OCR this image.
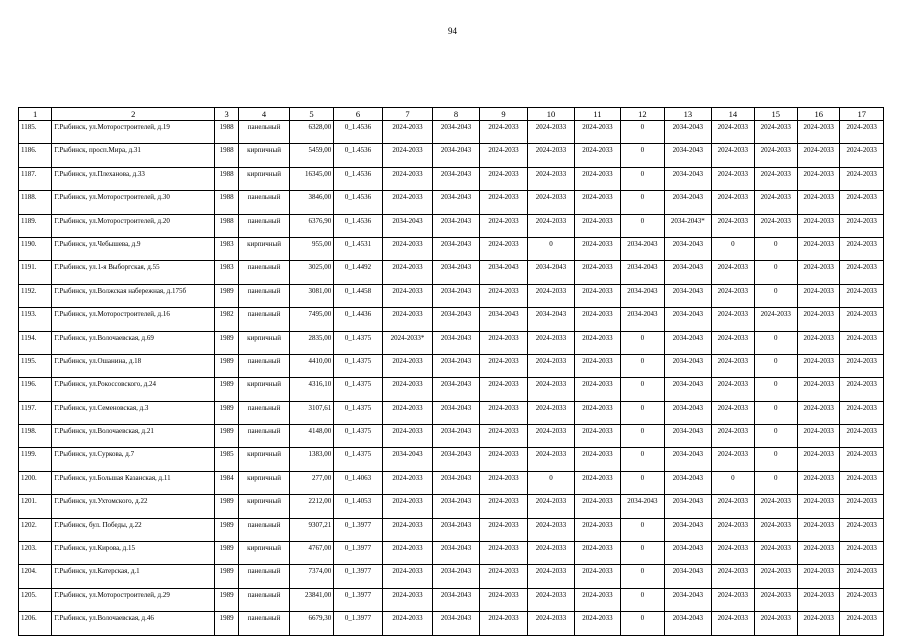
94
1	2	3	4	5	6	7	8	9	10	11	12	13	14	15	16	17
1185.	Г.Рыбинск, ул.Моторостроителей, д.19	1988	панельный	6328,00	0_1.4536	2024-2033	2034-2043	2024-2033	2024-2033	2024-2033	0	2034-2043	2024-2033	2024-2033	2024-2033	2024-2033
1186.	Г.Рыбинск, просп.Мира, д.31	1988	кирпичный	5459,00	0_1.4536	2024-2033	2034-2043	2024-2033	2024-2033	2024-2033	0	2034-2043	2024-2033	2024-2033	2024-2033	2024-2033
1187.	Г.Рыбинск, ул.Плеханова, д.33	1988	кирпичный	16345,00	0_1.4536	2024-2033	2034-2043	2024-2033	2024-2033	2024-2033	0	2034-2043	2024-2033	2024-2033	2024-2033	2024-2033
1188.	Г.Рыбинск, ул.Моторостроителей, д.30	1988	панельный	3846,00	0_1.4536	2024-2033	2034-2043	2024-2033	2024-2033	2024-2033	0	2034-2043	2024-2033	2024-2033	2024-2033	2024-2033
1189.	Г.Рыбинск, ул.Моторостроителей, д.20	1988	панельный	6376,90	0_1.4536	2034-2043	2034-2043	2024-2033	2024-2033	2024-2033	0	2034-2043*	2024-2033	2024-2033	2024-2033	2024-2033
1190.	Г.Рыбинск, ул.Чебышева, д.9	1983	кирпичный	955,00	0_1.4531	2024-2033	2034-2043	2024-2033	0	2024-2033	2034-2043	2034-2043	0	0	2024-2033	2024-2033
1191.	Г.Рыбинск, ул.1-я Выборгская, д.55	1983	панельный	3025,00	0_1.4492	2024-2033	2034-2043	2034-2043	2034-2043	2024-2033	2034-2043	2034-2043	2024-2033	0	2024-2033	2024-2033
1192.	Г.Рыбинск, ул.Волжская набережная, д.175б	1989	панельный	3081,00	0_1.4458	2024-2033	2034-2043	2024-2033	2024-2033	2024-2033	2034-2043	2034-2043	2024-2033	0	2024-2033	2024-2033
1193.	Г.Рыбинск, ул.Моторостроителей, д.16	1982	панельный	7495,00	0_1.4436	2024-2033	2034-2043	2034-2043	2034-2043	2024-2033	2034-2043	2034-2043	2024-2033	2024-2033	2024-2033	2024-2033
1194.	Г.Рыбинск, ул.Волочаевская, д.69	1989	кирпичный	2835,00	0_1.4375	2024-2033*	2034-2043	2024-2033	2024-2033	2024-2033	0	2034-2043	2024-2033	0	2024-2033	2024-2033
1195.	Г.Рыбинск, ул.Ошанина, д.18	1989	панельный	4410,00	0_1.4375	2024-2033	2034-2043	2024-2033	2024-2033	2024-2033	0	2034-2043	2024-2033	0	2024-2033	2024-2033
1196.	Г.Рыбинск, ул.Рокоссовского, д.24	1989	кирпичный	4316,10	0_1.4375	2024-2033	2034-2043	2024-2033	2024-2033	2024-2033	0	2034-2043	2024-2033	0	2024-2033	2024-2033
1197.	Г.Рыбинск, ул.Семеновская, д.3	1989	панельный	3107,61	0_1.4375	2024-2033	2034-2043	2024-2033	2024-2033	2024-2033	0	2034-2043	2024-2033	0	2024-2033	2024-2033
1198.	Г.Рыбинск, ул.Волочаевская, д.21	1989	панельный	4148,00	0_1.4375	2024-2033	2034-2043	2024-2033	2024-2033	2024-2033	0	2034-2043	2024-2033	0	2024-2033	2024-2033
1199.	Г.Рыбинск, ул.Суркова, д.7	1985	кирпичный	1383,00	0_1.4375	2034-2043	2034-2043	2024-2033	2024-2033	2024-2033	0	2034-2043	2024-2033	0	2024-2033	2024-2033
1200.	Г.Рыбинск, ул.Большая Казанская, д.11	1984	кирпичный	277,00	0_1.4063	2024-2033	2034-2043	2024-2033	0	2024-2033	0	2034-2043	0	0	2024-2033	2024-2033
1201.	Г.Рыбинск, ул.Ухтомского, д.22	1989	кирпичный	2212,00	0_1.4053	2024-2033	2034-2043	2024-2033	2024-2033	2024-2033	2034-2043	2034-2043	2024-2033	2024-2033	2024-2033	2024-2033
1202.	Г.Рыбинск, бул. Победы, д.22	1989	панельный	9307,21	0_1.3977	2024-2033	2034-2043	2024-2033	2024-2033	2024-2033	0	2034-2043	2024-2033	2024-2033	2024-2033	2024-2033
1203.	Г.Рыбинск, ул.Кирова, д.15	1989	кирпичный	4767,00	0_1.3977	2024-2033	2034-2043	2024-2033	2024-2033	2024-2033	0	2034-2043	2024-2033	2024-2033	2024-2033	2024-2033
1204.	Г.Рыбинск, ул.Катерская, д.1	1989	панельный	7374,00	0_1.3977	2024-2033	2034-2043	2024-2033	2024-2033	2024-2033	0	2034-2043	2024-2033	2024-2033	2024-2033	2024-2033
1205.	Г.Рыбинск, ул.Моторостроителей, д.29	1989	панельный	23841,00	0_1.3977	2024-2033	2034-2043	2024-2033	2024-2033	2024-2033	0	2034-2043	2024-2033	2024-2033	2024-2033	2024-2033
1206.	Г.Рыбинск, ул.Волочаевская, д.46	1989	панельный	6679,30	0_1.3977	2024-2033	2034-2043	2024-2033	2024-2033	2024-2033	0	2034-2043	2024-2033	2024-2033	2024-2033	2024-2033
